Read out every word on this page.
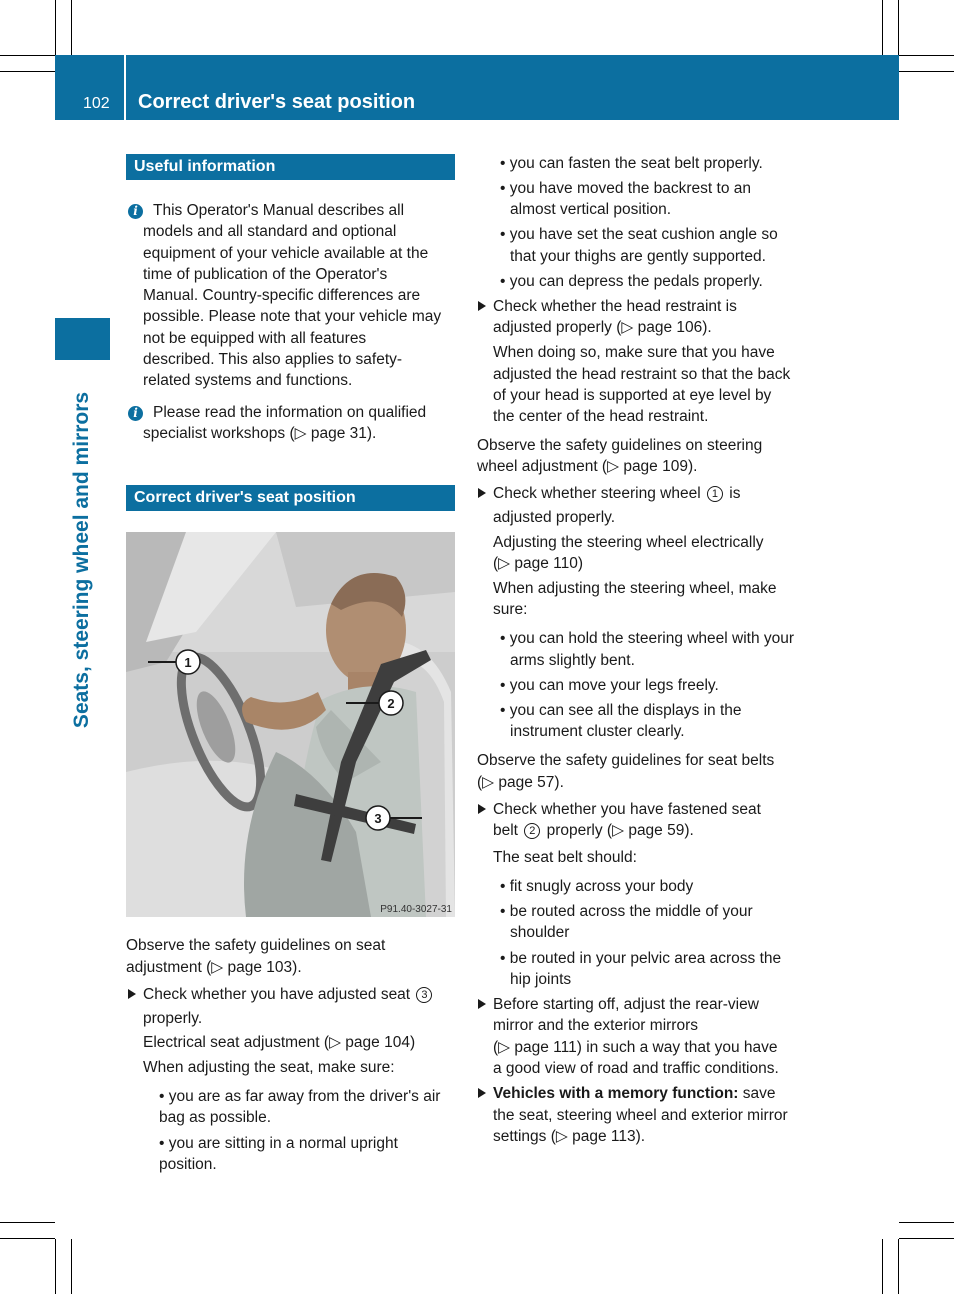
102 Correct driver's seat position
Seats, steering wheel and mirrors
Useful information
i This Operator's Manual describes all
models and all standard and optional
equipment of your vehicle available at the
time of publication of the Operator's
Manual. Country-specific differences are
possible. Please note that your vehicle may
not be equipped with all features
described. This also applies to safety-
related systems and functions.
i Please read the information on qualified
specialist workshops (▷ page 31).
Correct driver's seat position
1
2
3
P91.40-3027-31
Observe the safety guidelines on seat
adjustment (▷ page 103).
Check whether you have adjusted seat 3
properly.
Electrical seat adjustment (▷ page 104)
When adjusting the seat, make sure:
• you are as far away from the driver's air
bag as possible.
• you are sitting in a normal upright
position.
• you can fasten the seat belt properly.
• you have moved the backrest to an
almost vertical position.
• you have set the seat cushion angle so
that your thighs are gently supported.
• you can depress the pedals properly.
Check whether the head restraint is
adjusted properly (▷ page 106).
When doing so, make sure that you have
adjusted the head restraint so that the back
of your head is supported at eye level by
the center of the head restraint.
Observe the safety guidelines on steering
wheel adjustment (▷ page 109).
Check whether steering wheel 1 is
adjusted properly.
Adjusting the steering wheel electrically
(▷ page 110)
When adjusting the steering wheel, make
sure:
• you can hold the steering wheel with your
arms slightly bent.
• you can move your legs freely.
• you can see all the displays in the
instrument cluster clearly.
Observe the safety guidelines for seat belts
(▷ page 57).
Check whether you have fastened seat
belt 2 properly (▷ page 59).
The seat belt should:
• fit snugly across your body
• be routed across the middle of your
shoulder
• be routed in your pelvic area across the
hip joints
Before starting off, adjust the rear-view
mirror and the exterior mirrors
(▷ page 111) in such a way that you have
a good view of road and traffic conditions.
Vehicles with a memory function: save
the seat, steering wheel and exterior mirror
settings (▷ page 113).
